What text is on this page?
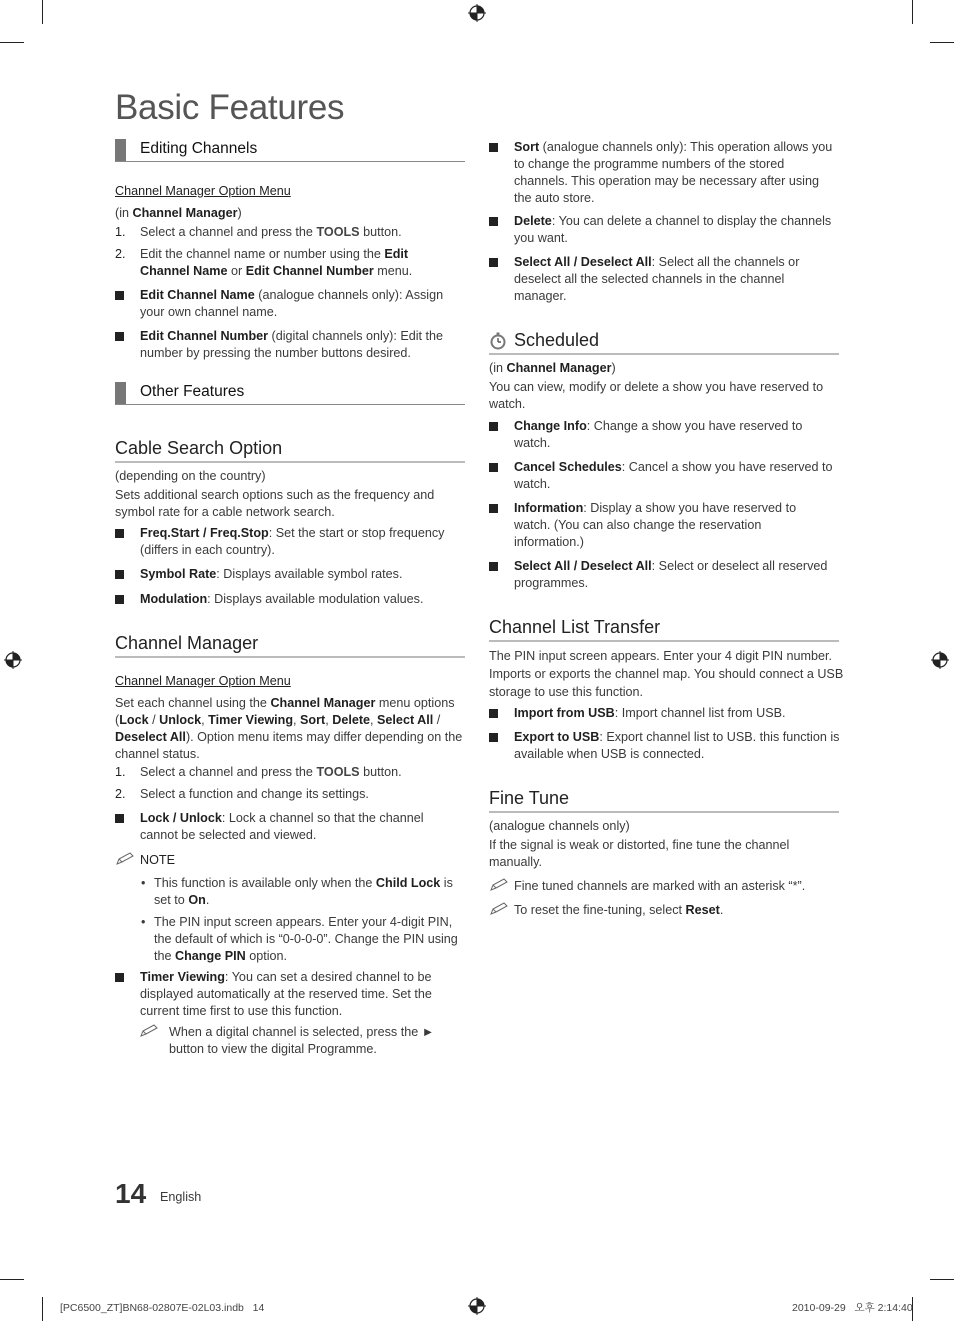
Basic Features
Editing Channels
Channel Manager Option Menu
(in Channel Manager)
1. Select a channel and press the TOOLS button.
2. Edit the channel name or number using the Edit Channel Name or Edit Channel Number menu.
Edit Channel Name (analogue channels only): Assign your own channel name.
Edit Channel Number (digital channels only): Edit the number by pressing the number buttons desired.
Other Features
Cable Search Option
(depending on the country)
Sets additional search options such as the frequency and symbol rate for a cable network search.
Freq.Start / Freq.Stop: Set the start or stop frequency (differs in each country).
Symbol Rate: Displays available symbol rates.
Modulation: Displays available modulation values.
Channel Manager
Channel Manager Option Menu
Set each channel using the Channel Manager menu options (Lock / Unlock, Timer Viewing, Sort, Delete, Select All / Deselect All). Option menu items may differ depending on the channel status.
1. Select a channel and press the TOOLS button.
2. Select a function and change its settings.
Lock / Unlock: Lock a channel so that the channel cannot be selected and viewed.
NOTE
• This function is available only when the Child Lock is set to On.
• The PIN input screen appears. Enter your 4-digit PIN, the default of which is “0-0-0-0”. Change the PIN using the Change PIN option.
Timer Viewing: You can set a desired channel to be displayed automatically at the reserved time. Set the current time first to use this function.
When a digital channel is selected, press the ► button to view the digital Programme.
14 English
Sort (analogue channels only): This operation allows you to change the programme numbers of the stored channels. This operation may be necessary after using the auto store.
Delete: You can delete a channel to display the channels you want.
Select All / Deselect All: Select all the channels or deselect all the selected channels in the channel manager.
Scheduled
(in Channel Manager)
You can view, modify or delete a show you have reserved to watch.
Change Info: Change a show you have reserved to watch.
Cancel Schedules: Cancel a show you have reserved to watch.
Information: Display a show you have reserved to watch. (You can also change the reservation information.)
Select All / Deselect All: Select or deselect all reserved programmes.
Channel List Transfer
The PIN input screen appears. Enter your 4 digit PIN number. Imports or exports the channel map. You should connect a USB storage to use this function.
Import from USB: Import channel list from USB.
Export to USB: Export channel list to USB. this function is available when USB is connected.
Fine Tune
(analogue channels only)
If the signal is weak or distorted, fine tune the channel manually.
Fine tuned channels are marked with an asterisk “*”.
To reset the fine-tuning, select Reset.
[PC6500_ZT]BN68-02807E-02L03.indb   14	2010-09-29   오후 2:14:40
